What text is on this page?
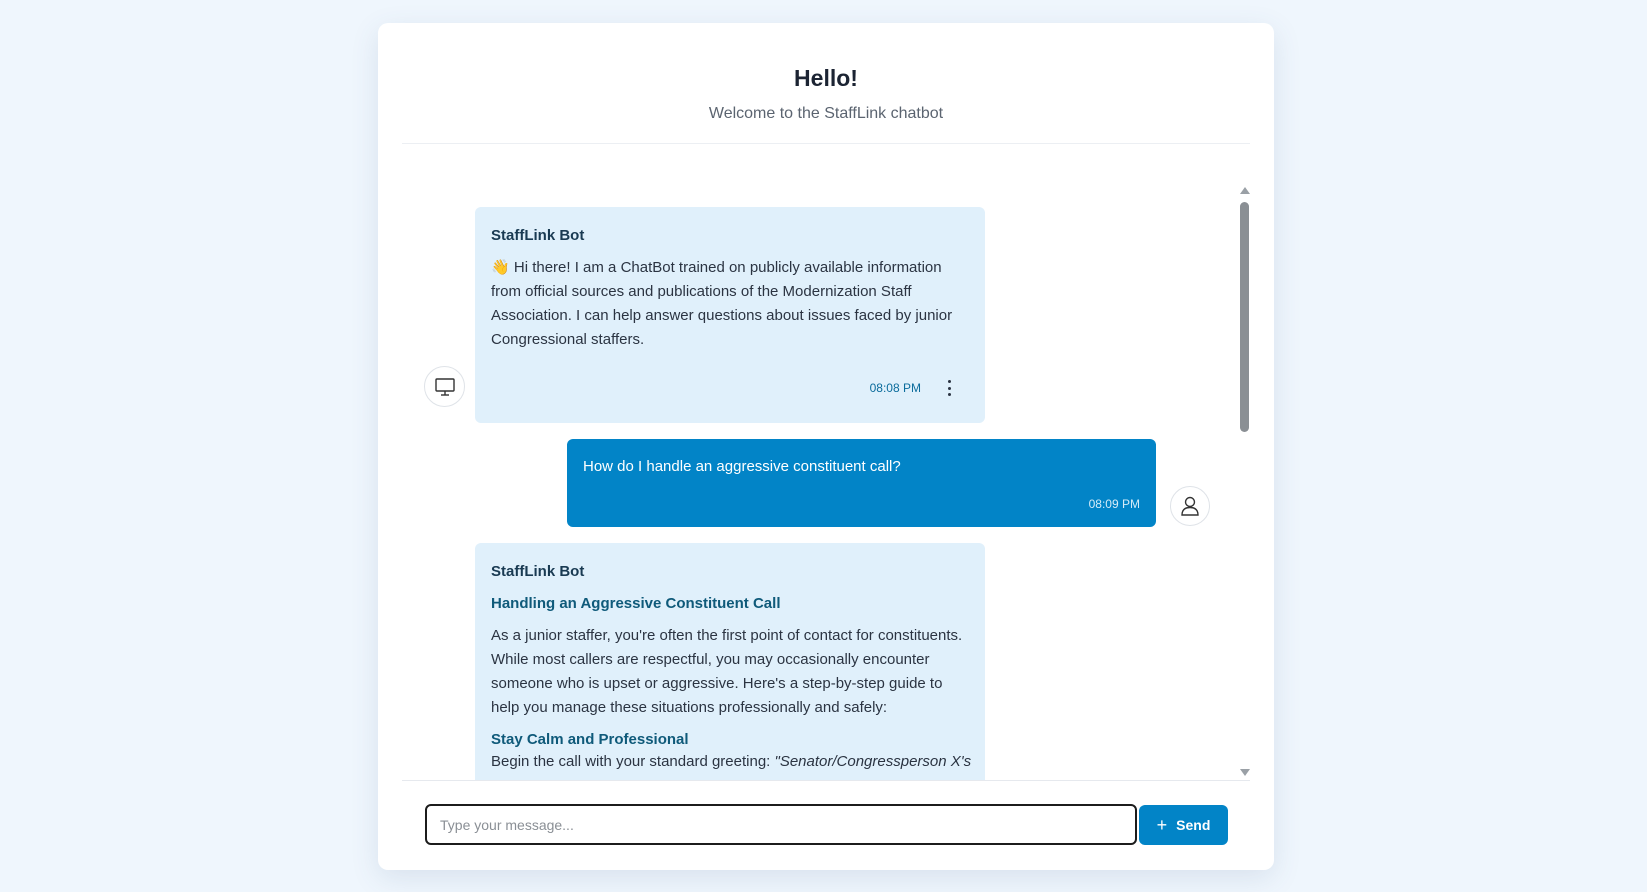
Hello!
Welcome to the StaffLink chatbot
StaffLink Bot
👋 Hi there! I am a ChatBot trained on publicly available information from official sources and publications of the Modernization Staff Association. I can help answer questions about issues faced by junior Congressional staffers.
08:08 PM
How do I handle an aggressive constituent call?
08:09 PM
StaffLink Bot
Handling an Aggressive Constituent Call
As a junior staffer, you're often the first point of contact for constituents. While most callers are respectful, you may occasionally encounter someone who is upset or aggressive. Here's a step-by-step guide to help you manage these situations professionally and safely:
Stay Calm and Professional
Begin the call with your standard greeting: "Senator/Congressperson X's
Type your message...
+ Send
